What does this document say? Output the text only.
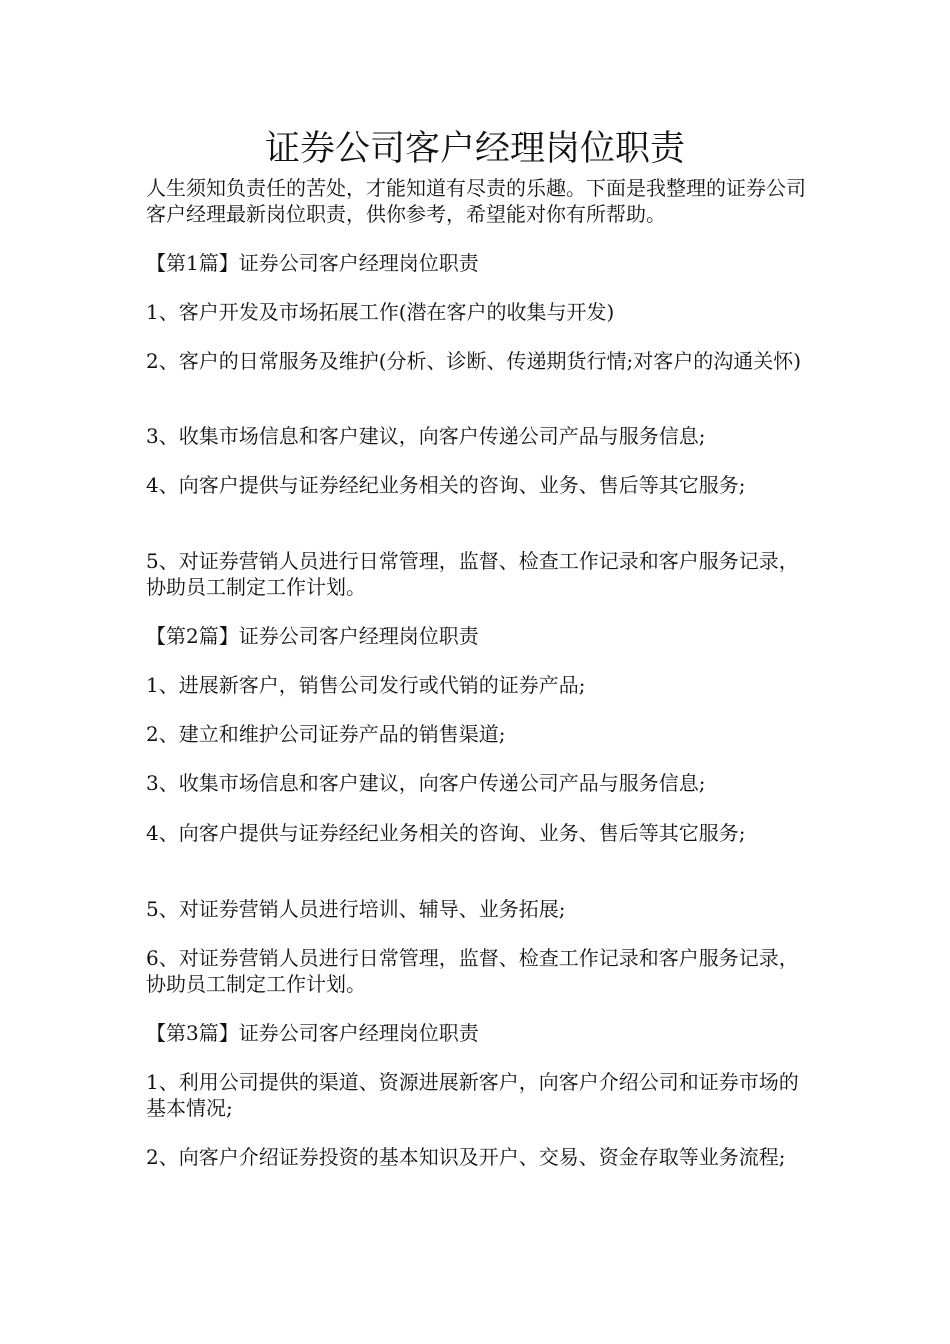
证券公司客户经理岗位职责

人生须知负责任的苦处，才能知道有尽责的乐趣。下面是我整理的证券公司客户经理最新岗位职责，供你参考，希望能对你有所帮助。

【第1篇】证券公司客户经理岗位职责

1、客户开发及市场拓展工作(潜在客户的收集与开发)

2、客户的日常服务及维护(分析、诊断、传递期货行情;对客户的沟通关怀)

3、收集市场信息和客户建议，向客户传递公司产品与服务信息;

4、向客户提供与证券经纪业务相关的咨询、业务、售后等其它服务;

5、对证券营销人员进行日常管理，监督、检查工作记录和客户服务记录，协助员工制定工作计划。

【第2篇】证券公司客户经理岗位职责

1、进展新客户，销售公司发行或代销的证券产品;

2、建立和维护公司证券产品的销售渠道;

3、收集市场信息和客户建议，向客户传递公司产品与服务信息;

4、向客户提供与证券经纪业务相关的咨询、业务、售后等其它服务;

5、对证券营销人员进行培训、辅导、业务拓展;

6、对证券营销人员进行日常管理，监督、检查工作记录和客户服务记录，协助员工制定工作计划。

【第3篇】证券公司客户经理岗位职责

1、利用公司提供的渠道、资源进展新客户，向客户介绍公司和证券市场的基本情况;

2、向客户介绍证券投资的基本知识及开户、交易、资金存取等业务流程;
